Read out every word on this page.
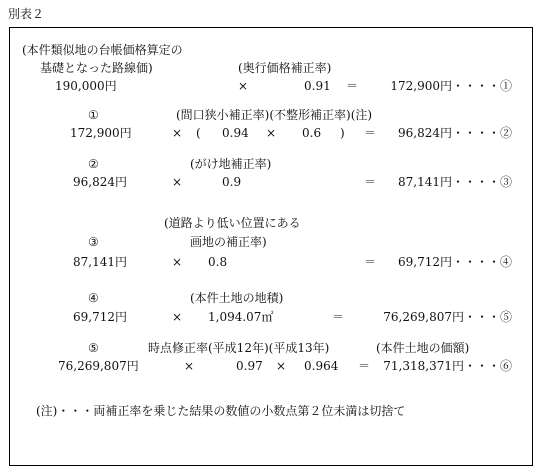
別表２
(本件類似地の台帳価格算定の
基礎となった路線価)	(奥行価格補正率)
190,000円	×	0.91 ＝	172,900円・・・・①
①	(間口狭小補正率)(不整形補正率)(注)
172,900円	× ( 0.94 × 0.6 ) ＝ 96,824円・・・・②
②	(がけ地補正率)
96,824円	×	0.9	＝ 87,141円・・・・③
(道路より低い位置にある
画地の補正率)
③
87,141円	× 0.8	＝ 69,712円・・・・④
④	(本件土地の地積)
69,712円	× 1,094.07㎡	＝	76,269,807円・・・⑤
⑤	時点修正率(平成12年)(平成13年)	(本件土地の価額)
76,269,807円	×	0.97 × 0.964 ＝ 71,318,371円・・・⑥
(注)・・・両補正率を乗じた結果の数値の小数点第２位未満は切捨て
